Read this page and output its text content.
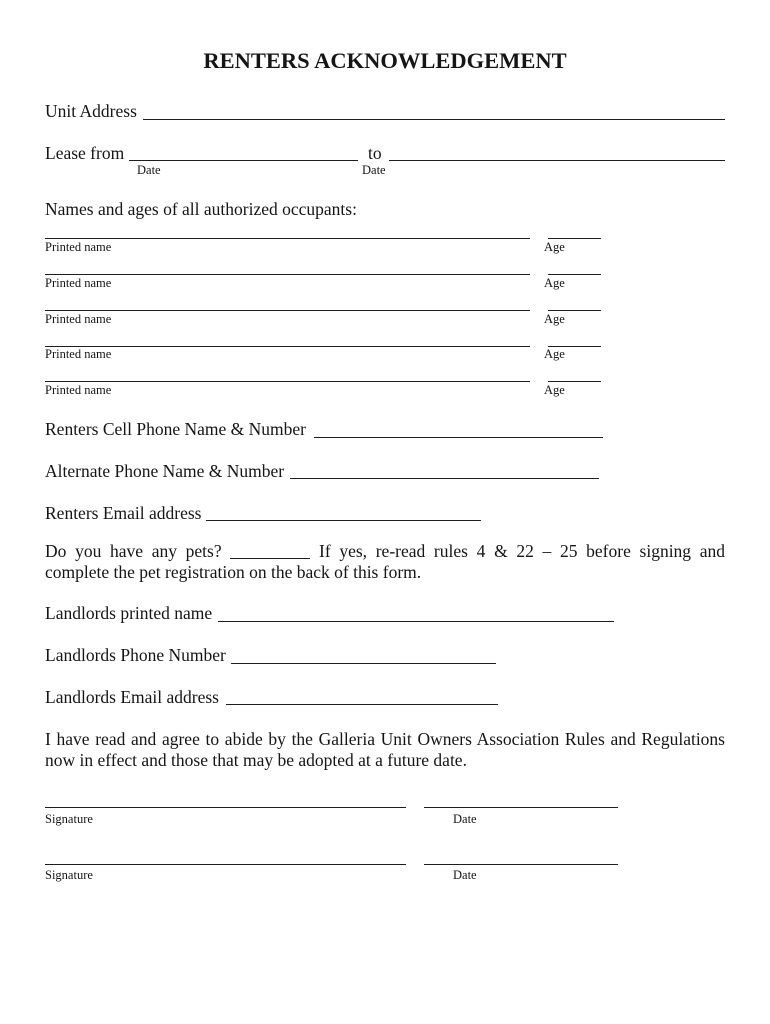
RENTERS ACKNOWLEDGEMENT
Unit Address
Lease from	to
Date	Date
Names and ages of all authorized occupants:
Printed name	Age
Printed name	Age
Printed name	Age
Printed name	Age
Printed name	Age
Renters Cell Phone Name & Number
Alternate Phone Name & Number
Renters Email address
Do you have any pets?	If yes, re-read rules 4 & 22 – 25 before signing and
complete the pet registration on the back of this form.
Landlords printed name
Landlords Phone Number
Landlords Email address
I have read and agree to abide by the Galleria Unit Owners Association Rules and Regulations now in effect and those that may be adopted at a future date.
Signature	Date
Signature	Date
